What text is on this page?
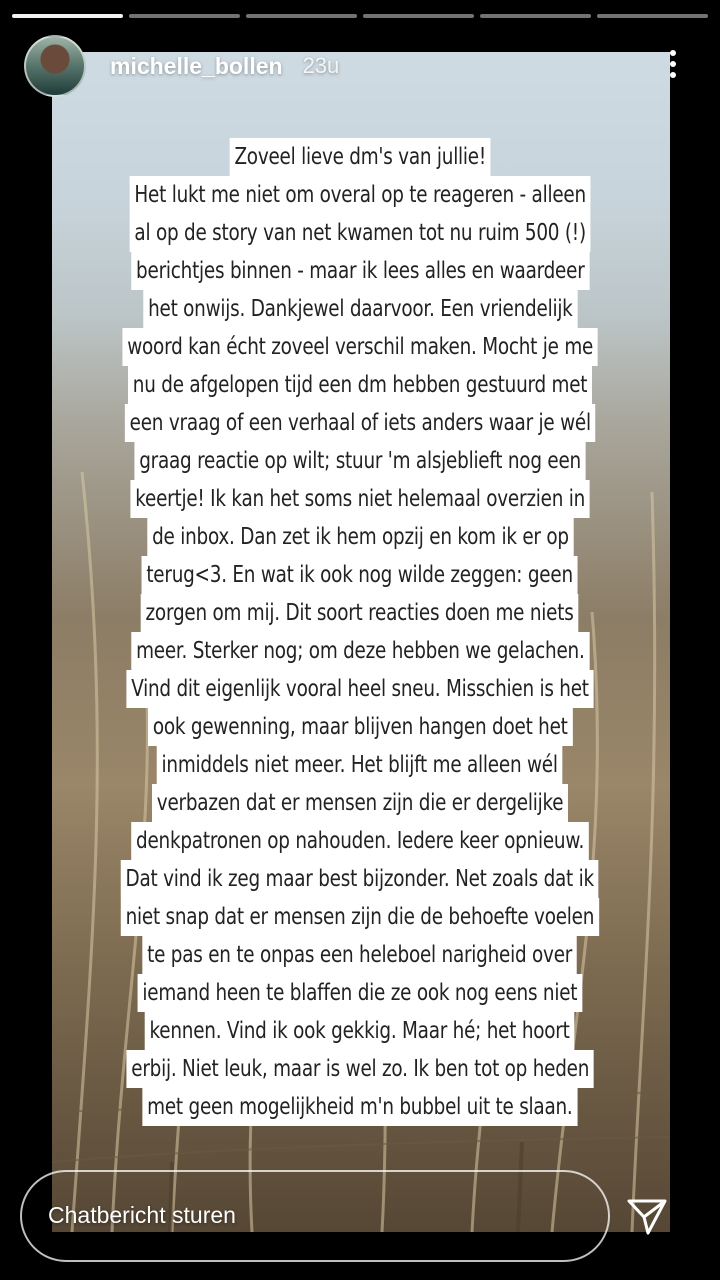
michelle_bollen 23u
Zoveel lieve dm's van jullie!
Het lukt me niet om overal op te reageren - alleen
al op de story van net kwamen tot nu ruim 500 (!)
berichtjes binnen - maar ik lees alles en waardeer
het onwijs. Dankjewel daarvoor. Een vriendelijk
woord kan écht zoveel verschil maken. Mocht je me
nu de afgelopen tijd een dm hebben gestuurd met
een vraag of een verhaal of iets anders waar je wél
graag reactie op wilt; stuur 'm alsjeblieft nog een
keertje! Ik kan het soms niet helemaal overzien in
de inbox. Dan zet ik hem opzij en kom ik er op
terug<3. En wat ik ook nog wilde zeggen: geen
zorgen om mij. Dit soort reacties doen me niets
meer. Sterker nog; om deze hebben we gelachen.
Vind dit eigenlijk vooral heel sneu. Misschien is het
ook gewenning, maar blijven hangen doet het
inmiddels niet meer. Het blijft me alleen wél
verbazen dat er mensen zijn die er dergelijke
denkpatronen op nahouden. Iedere keer opnieuw.
Dat vind ik zeg maar best bijzonder. Net zoals dat ik
niet snap dat er mensen zijn die de behoefte voelen
te pas en te onpas een heleboel narigheid over
iemand heen te blaffen die ze ook nog eens niet
kennen. Vind ik ook gekkig. Maar hé; het hoort
erbij. Niet leuk, maar is wel zo. Ik ben tot op heden
met geen mogelijkheid m'n bubbel uit te slaan.
Chatbericht sturen
